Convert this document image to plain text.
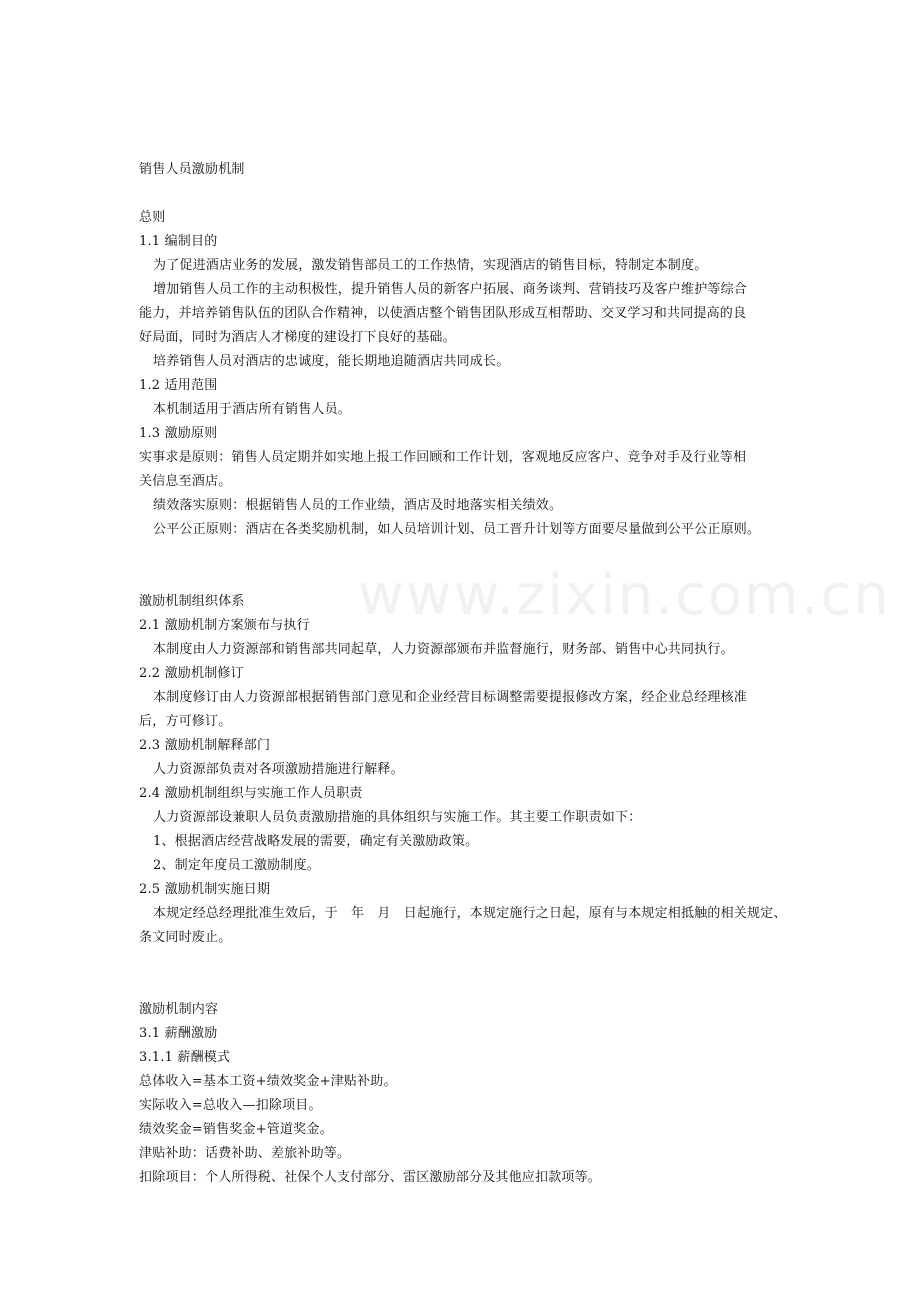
www.zixin.com.cn

销售人员激励机制

总则

1.1 编制目的

为了促进酒店业务的发展，激发销售部员工的工作热情，实现酒店的销售目标，特制定本制度。

增加销售人员工作的主动积极性，提升销售人员的新客户拓展、商务谈判、营销技巧及客户维护等综合

能力，并培养销售队伍的团队合作精神，以使酒店整个销售团队形成互相帮助、交叉学习和共同提高的良

好局面，同时为酒店人才梯度的建设打下良好的基础。

培养销售人员对酒店的忠诚度，能长期地追随酒店共同成长。

1.2 适用范围

本机制适用于酒店所有销售人员。

1.3 激励原则

实事求是原则：销售人员定期并如实地上报工作回顾和工作计划，客观地反应客户、竞争对手及行业等相

关信息至酒店。

绩效落实原则：根据销售人员的工作业绩，酒店及时地落实相关绩效。

公平公正原则：酒店在各类奖励机制，如人员培训计划、员工晋升计划等方面要尽量做到公平公正原则。

激励机制组织体系

2.1 激励机制方案颁布与执行

本制度由人力资源部和销售部共同起草，人力资源部颁布并监督施行，财务部、销售中心共同执行。

2.2 激励机制修订

本制度修订由人力资源部根据销售部门意见和企业经营目标调整需要提报修改方案，经企业总经理核准

后，方可修订。

2.3 激励机制解释部门

人力资源部负责对各项激励措施进行解释。

2.4 激励机制组织与实施工作人员职责

人力资源部设兼职人员负责激励措施的具体组织与实施工作。其主要工作职责如下：

1、根据酒店经营战略发展的需要，确定有关激励政策。

2、制定年度员工激励制度。

2.5 激励机制实施日期

本规定经总经理批准生效后，于　年　月　日起施行，本规定施行之日起，原有与本规定相抵触的相关规定、

条文同时废止。

激励机制内容

3.1 薪酬激励

3.1.1 薪酬模式

总体收入=基本工资+绩效奖金+津贴补助。

实际收入=总收入—扣除项目。

绩效奖金=销售奖金+管道奖金。

津贴补助：话费补助、差旅补助等。

扣除项目：个人所得税、社保个人支付部分、雷区激励部分及其他应扣款项等。
